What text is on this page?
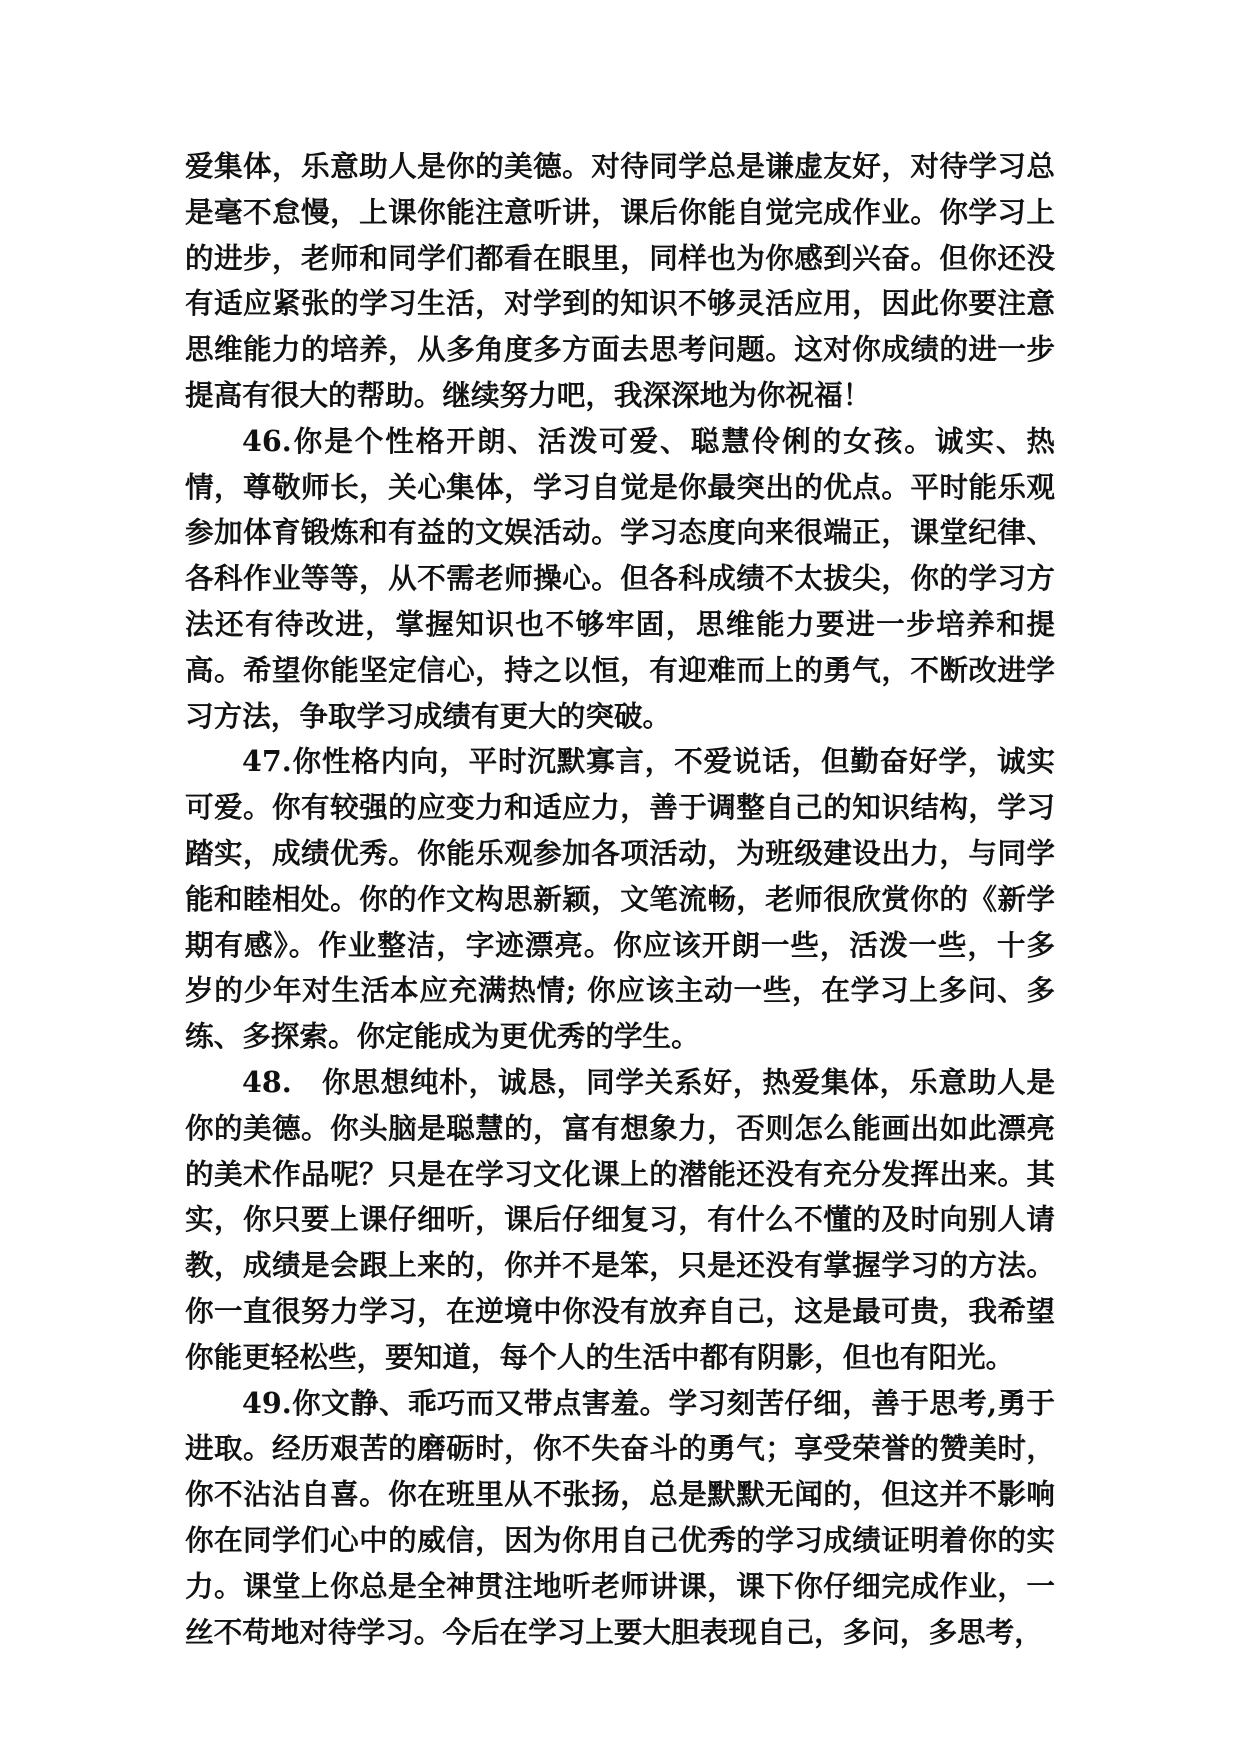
爱集体，乐意助人是你的美德。对待同学总是谦虚友好，对待学习总是毫不怠慢，上课你能注意听讲，课后你能自觉完成作业。你学习上的进步，老师和同学们都看在眼里，同样也为你感到兴奋。但你还没有适应紧张的学习生活，对学到的知识不够灵活应用，因此你要注意思维能力的培养，从多角度多方面去思考问题。这对你成绩的进一步提高有很大的帮助。继续努力吧，我深深地为你祝福！

46.你是个性格开朗、活泼可爱、聪慧伶俐的女孩。诚实、热情，尊敬师长，关心集体，学习自觉是你最突出的优点。平时能乐观参加体育锻炼和有益的文娱活动。学习态度向来很端正，课堂纪律、各科作业等等，从不需老师操心。但各科成绩不太拔尖，你的学习方法还有待改进，掌握知识也不够牢固，思维能力要进一步培养和提高。希望你能坚定信心，持之以恒，有迎难而上的勇气，不断改进学习方法，争取学习成绩有更大的突破。

47.你性格内向，平时沉默寡言，不爱说话，但勤奋好学，诚实可爱。你有较强的应变力和适应力，善于调整自己的知识结构，学习踏实，成绩优秀。你能乐观参加各项活动，为班级建设出力，与同学能和睦相处。你的作文构思新颖，文笔流畅，老师很欣赏你的《新学期有感》。作业整洁，字迹漂亮。你应该开朗一些，活泼一些，十多岁的少年对生活本应充满热情; 你应该主动一些，在学习上多问、多练、多探索。你定能成为更优秀的学生。

48.　你思想纯朴，诚恳，同学关系好，热爱集体，乐意助人是你的美德。你头脑是聪慧的，富有想象力，否则怎么能画出如此漂亮的美术作品呢？只是在学习文化课上的潜能还没有充分发挥出来。其实，你只要上课仔细听，课后仔细复习，有什么不懂的及时向别人请教，成绩是会跟上来的，你并不是笨，只是还没有掌握学习的方法。你一直很努力学习，在逆境中你没有放弃自己，这是最可贵，我希望你能更轻松些，要知道，每个人的生活中都有阴影，但也有阳光。

49.你文静、乖巧而又带点害羞。学习刻苦仔细，善于思考,勇于进取。经历艰苦的磨砺时，你不失奋斗的勇气；享受荣誉的赞美时，你不沾沾自喜。你在班里从不张扬，总是默默无闻的，但这并不影响你在同学们心中的威信，因为你用自己优秀的学习成绩证明着你的实力。课堂上你总是全神贯注地听老师讲课，课下你仔细完成作业，一丝不苟地对待学习。今后在学习上要大胆表现自己，多问，多思考，
